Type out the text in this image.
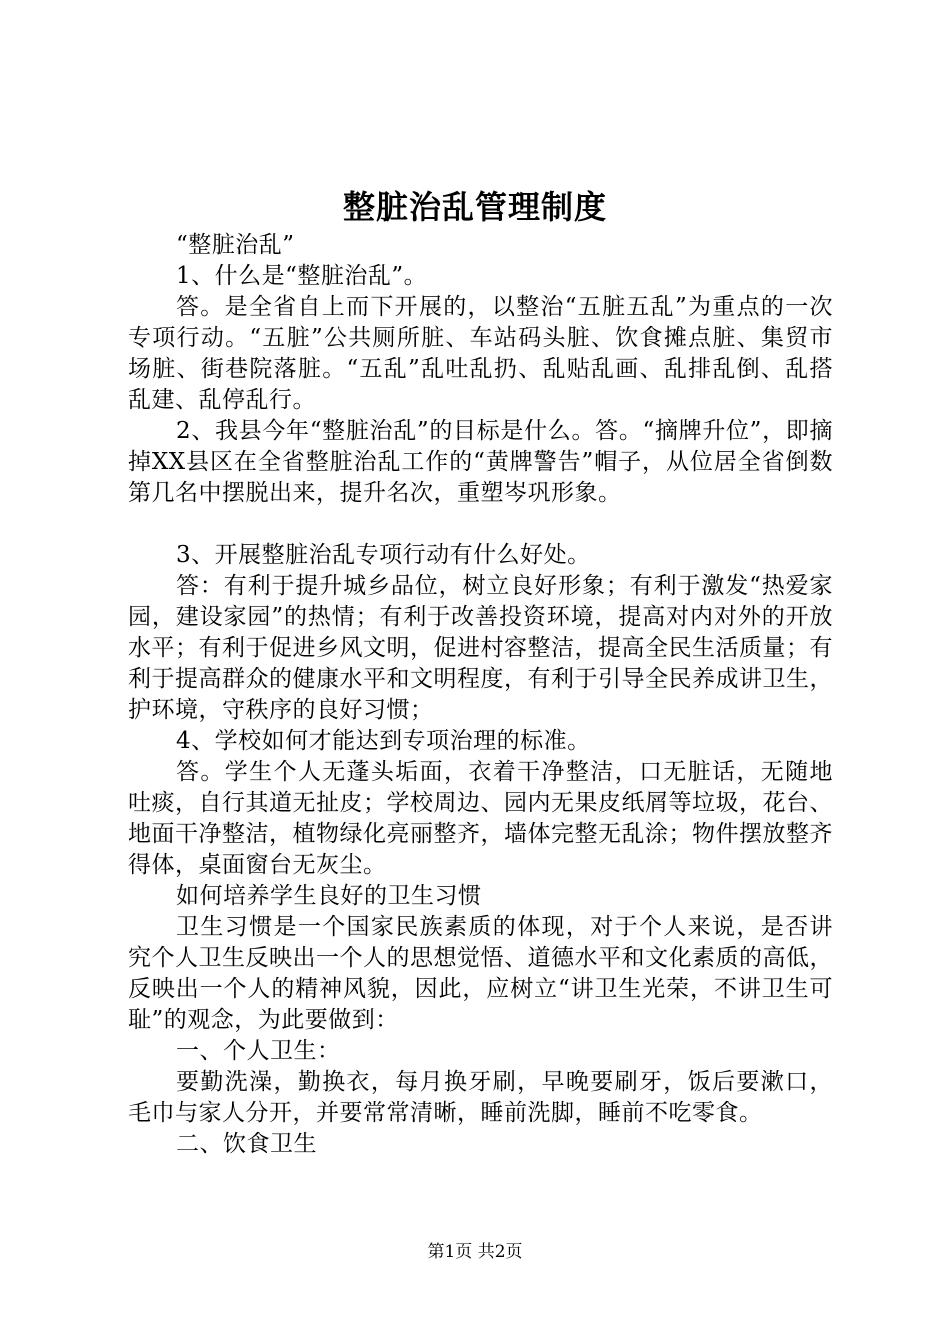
整脏治乱管理制度

“整脏治乱”

1、什么是“整脏治乱”。

答。是全省自上而下开展的，以整治“五脏五乱”为重点的一次专项行动。“五脏”公共厕所脏、车站码头脏、饮食摊点脏、集贸市场脏、街巷院落脏。“五乱”乱吐乱扔、乱贴乱画、乱排乱倒、乱搭乱建、乱停乱行。

2、我县今年“整脏治乱”的目标是什么。答。“摘牌升位”，即摘掉XX县区在全省整脏治乱工作的“黄牌警告”帽子，从位居全省倒数第几名中摆脱出来，提升名次，重塑岑巩形象。

3、开展整脏治乱专项行动有什么好处。

答：有利于提升城乡品位，树立良好形象；有利于激发“热爱家园，建设家园”的热情；有利于改善投资环境，提高对内对外的开放水平；有利于促进乡风文明，促进村容整洁，提高全民生活质量；有利于提高群众的健康水平和文明程度，有利于引导全民养成讲卫生，护环境，守秩序的良好习惯；

4、学校如何才能达到专项治理的标准。

答。学生个人无蓬头垢面，衣着干净整洁，口无脏话，无随地吐痰，自行其道无扯皮；学校周边、园内无果皮纸屑等垃圾，花台、地面干净整洁，植物绿化亮丽整齐，墙体完整无乱涂；物件摆放整齐得体，桌面窗台无灰尘。

如何培养学生良好的卫生习惯

卫生习惯是一个国家民族素质的体现，对于个人来说，是否讲究个人卫生反映出一个人的思想觉悟、道德水平和文化素质的高低，反映出一个人的精神风貌，因此，应树立“讲卫生光荣，不讲卫生可耻”的观念，为此要做到：

一、个人卫生：

要勤洗澡，勤换衣，每月换牙刷，早晚要刷牙，饭后要漱口，毛巾与家人分开，并要常常清晰，睡前洗脚，睡前不吃零食。

二、饮食卫生

第1页 共2页
